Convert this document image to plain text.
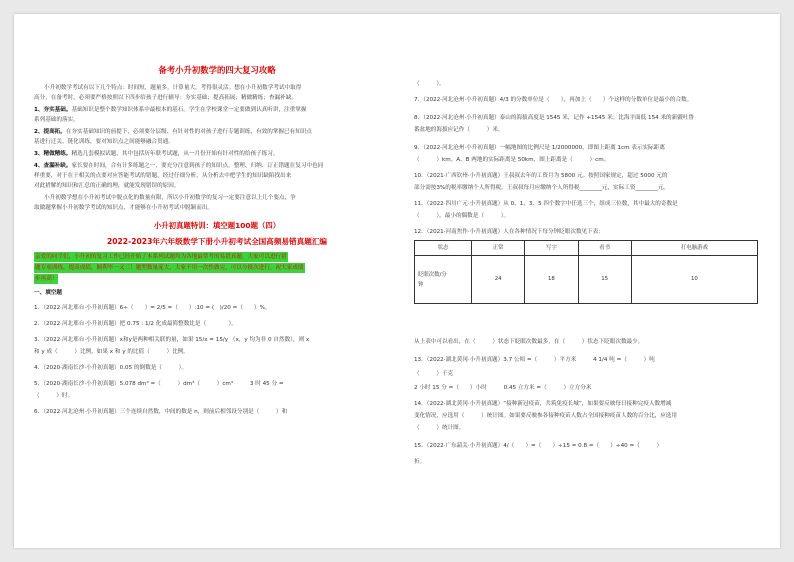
备考小升初数学的四大复习攻略
小升初数学考试有以下几个特点：时间短，题量多，计算量大，考得很灵活。想在小升初数学考试中取得
高分，在备考时，必须要严格按照以下四步给孩子进行辅导：夯实基础；提高拓展；精做精练；查漏补缺。
1、夯实基础。基础知识是整个数学知识体系中最根本的基石。学生在学校课堂一定要做到认真听讲，注重掌握
系列基础的落实。
2、提高拓。在夯实基础知识的前提下，必须要分层级、有针对性的对孩子进行专题训练，有效的掌握已有知识点
基进行迁关、链化训练，要对知识点之间能够融合贯通。
3、精做精练。精选几套模拟试题，其中包括历年联考试题，从一月份开始有针对性的给孩子练习。
4、查漏补缺。家长要在时间，合有计多练题之一，要充分注意到孩子的知识点，整理、归纳、订正错题在复习中也同
样重要，对于在于相关的点要对应答能考试的错题，经过仔细分析，从分析去中把学生的知识缺陷找出来
对此措解的知识和汇总的正确的理，就能发现错误的原因。
小升初数学想在小升初考试中脱点化的数量有限，所以小升初数学的复习一定要注意以上几个要点，争
取做题掌握小升初数学考试的知识点，才能够在小升初考试中脱颖而出。
小升初真题特训：填空题100题（四）
2022-2023年六年级数学下册小升初考试全国高频易错真题汇编
亲爱的同学们，小升初的复习工作已经开始了本系列试题均为各地最常考的易错真题，大家可以进行错
题专项训练，提高成绩，顺利毕一又三！题型数量庞大，大家不用一次性做完，可以分批次进行，祝大家成绩
步再高！
一、填空题
1．（2022·河北邢台·小升初真题）6÷（　　）= 2/5 =（　　）:10 = (　)/20 =（　　）%。
2．（2022·河北邢台·小升初真题）把 0.75 : 1/2 化成最简整数比是（　　　　）。
3．（2022·河北邢台·小升初真题）x和y是两种相关联的量，如果 15/x = 15/y （x，y 均为非 0 自然数），则 x
和 y 成（　　　）比例，如果 x 和 y 的比值（　　　）比例。
4．（2020·湖南长沙·小升初真题）0.05 的倒数是（　　　）。
5．（2020·湖南长沙·小升初真题）5.078 dm³ =（　　　）dm³（　　　）cm³　　　3 时 45 分 =
（　　　）时。
6．（2022·河北沧州·小升初真题）三个连续自然数，中间的数是 n，则前后相邻设分别是（　　　）和
（　　　）。
7．（2022·河北沧州·小升初真题）4/3 的分数单位是（　　），再加上（　　）个这样的分数单位是最小的合数。
8．（2022·河北沧州·小升初真题）泰山的海拔高度是 1545 米，记作 +1545 米。比海平面低 154 米的新疆吐鲁
番盆地的海拔应记作（　　　）米。
9．（2022·河北沧州·小升初真题）一幅地图的比例尺是 1/2000000，即图上距离 1cm 表示实际距离
（　　　）km。A、B 两地的实际距离是 50km，图上距离是（　　　）cm。
10．（2021·广西钦州·小升初真题）王叔叔去年的工资月为 5800 元。按照国家规定，超过 5000 元的
部分需按3%的税率缴纳个人所得税。王叔叔每月应缴纳个人所得税________元，实际工资________元。
11．（2022·四川广元·小升初真题）从 0、1、3、5 四个数字中任选三个，组成三位数，其中最大的奇数是
（　　　），最小的偶数是（　　　）。
12．（2021·河南焦作·小升初真题）人在各种情况下每分钟眨眼次数见下表：
状态	正常	写字	看书	打电脑游戏
眨眼次数/分
钟	24	18	15	10
从上表中可以看出，在（　　　）状态下眨眼次数最多，在（　　　）状态下眨眼次数最少。
13．（2022·湖北黄冈·小升初真题）3.7 公顷 =（　　　）平方米　　　4 1/4 吨 =（　　　）吨
（　　　）千克
2 小时 15 分 =（　　）小时　　　0.45 立方米 =（　　　）立方分米
14．（2022·湖北黄冈·小升初真题）“接种新冠疫苗，共筑免疫长城”，如果要反映每日接种完疫人数增减
变化情况，应选用（　　　）统计图。如果要反映参各接种疫苗人数占全国接种疫苗人数的百分比，应选用
（　　　）统计图。
15．（2022·广东韶关·小升初真题）4/（　　）=（　　）÷15 = 0.8 =（　　）÷40 =（　　　）
折。
